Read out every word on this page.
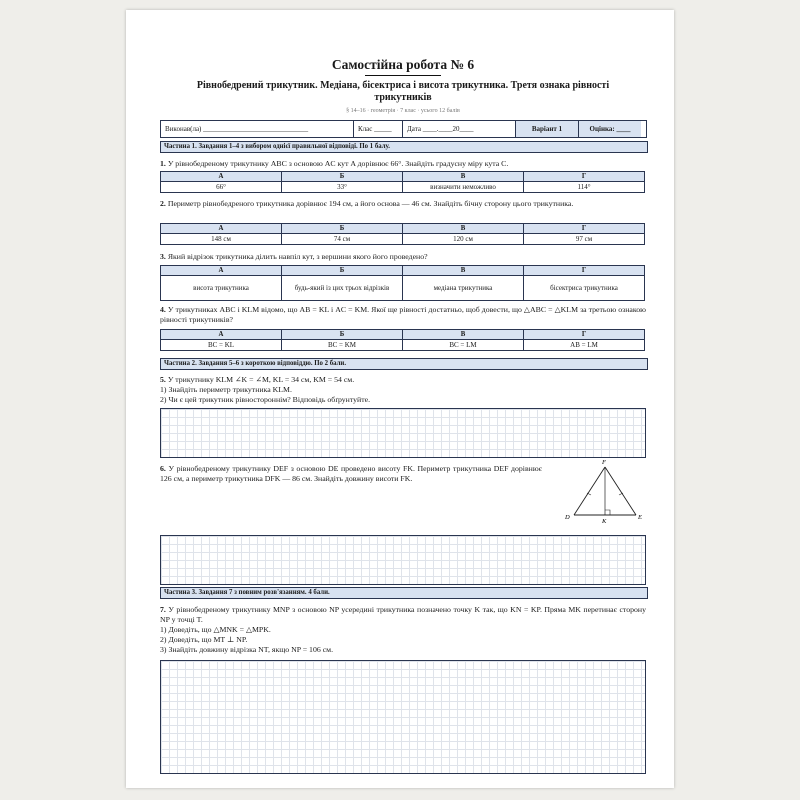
Самостійна робота № 6
Рівнобедрений трикутник. Медіана, бісектриса і висота трикутника. Третя ознака рівності трикутників
§ 14–16 · геометрія · 7 клас · усього 12 балів
Виконав(ла) ______________________________	Клас _____	Дата ____.____20____	Варіант 1	Оцінка: ____
Частина 1. Завдання 1–4 з вибором однієї правильної відповіді. По 1 балу.
1. У рівнобедреному трикутнику ABC з основою AC кут A дорівнює 66°. Знайдіть градусну міру кута C.
А	Б	В	Г
66°	33°	визначити неможливо	114°
2. Периметр рівнобедреного трикутника дорівнює 194 см, а його основа — 46 см. Знайдіть бічну сторону цього трикутника.
А	Б	В	Г
148 см	74 см	120 см	97 см
3. Який відрізок трикутника ділить навпіл кут, з вершини якого його проведено?
А	Б	В	Г
висота трикутника	будь-який із цих трьох відрізків	медіана трикутника	бісектриса трикутника
4. У трикутниках ABC і KLM відомо, що AB = KL і AC = KM. Якої ще рівності достатньо, щоб довести, що △ABC = △KLM за третьою ознакою рівності трикутників?
А	Б	В	Г
BC = KL	BC = KM	BC = LM	AB = LM
Частина 2. Завдання 5–6 з короткою відповіддю. По 2 бали.
5. У трикутнику KLM ∠K = ∠M, KL = 34 см, KM = 54 см.
1) Знайдіть периметр трикутника KLM.
2) Чи є цей трикутник рівностороннім? Відповідь обґрунтуйте.
6. У рівнобедреному трикутнику DEF з основою DE проведено висоту FK. Периметр трикутника DEF дорівнює 126 см, а периметр трикутника DFK — 86 см. Знайдіть довжину висоти FK.
F
D	E
K
Частина 3. Завдання 7 з повним розв'язанням. 4 бали.
7. У рівнобедреному трикутнику MNP з основою NP усередині трикутника позначено точку K так, що KN = KP. Пряма MK перетинає сторону NP у точці T.
1) Доведіть, що △MNK = △MPK.
2) Доведіть, що MT ⊥ NP.
3) Знайдіть довжину відрізка NT, якщо NP = 106 см.
